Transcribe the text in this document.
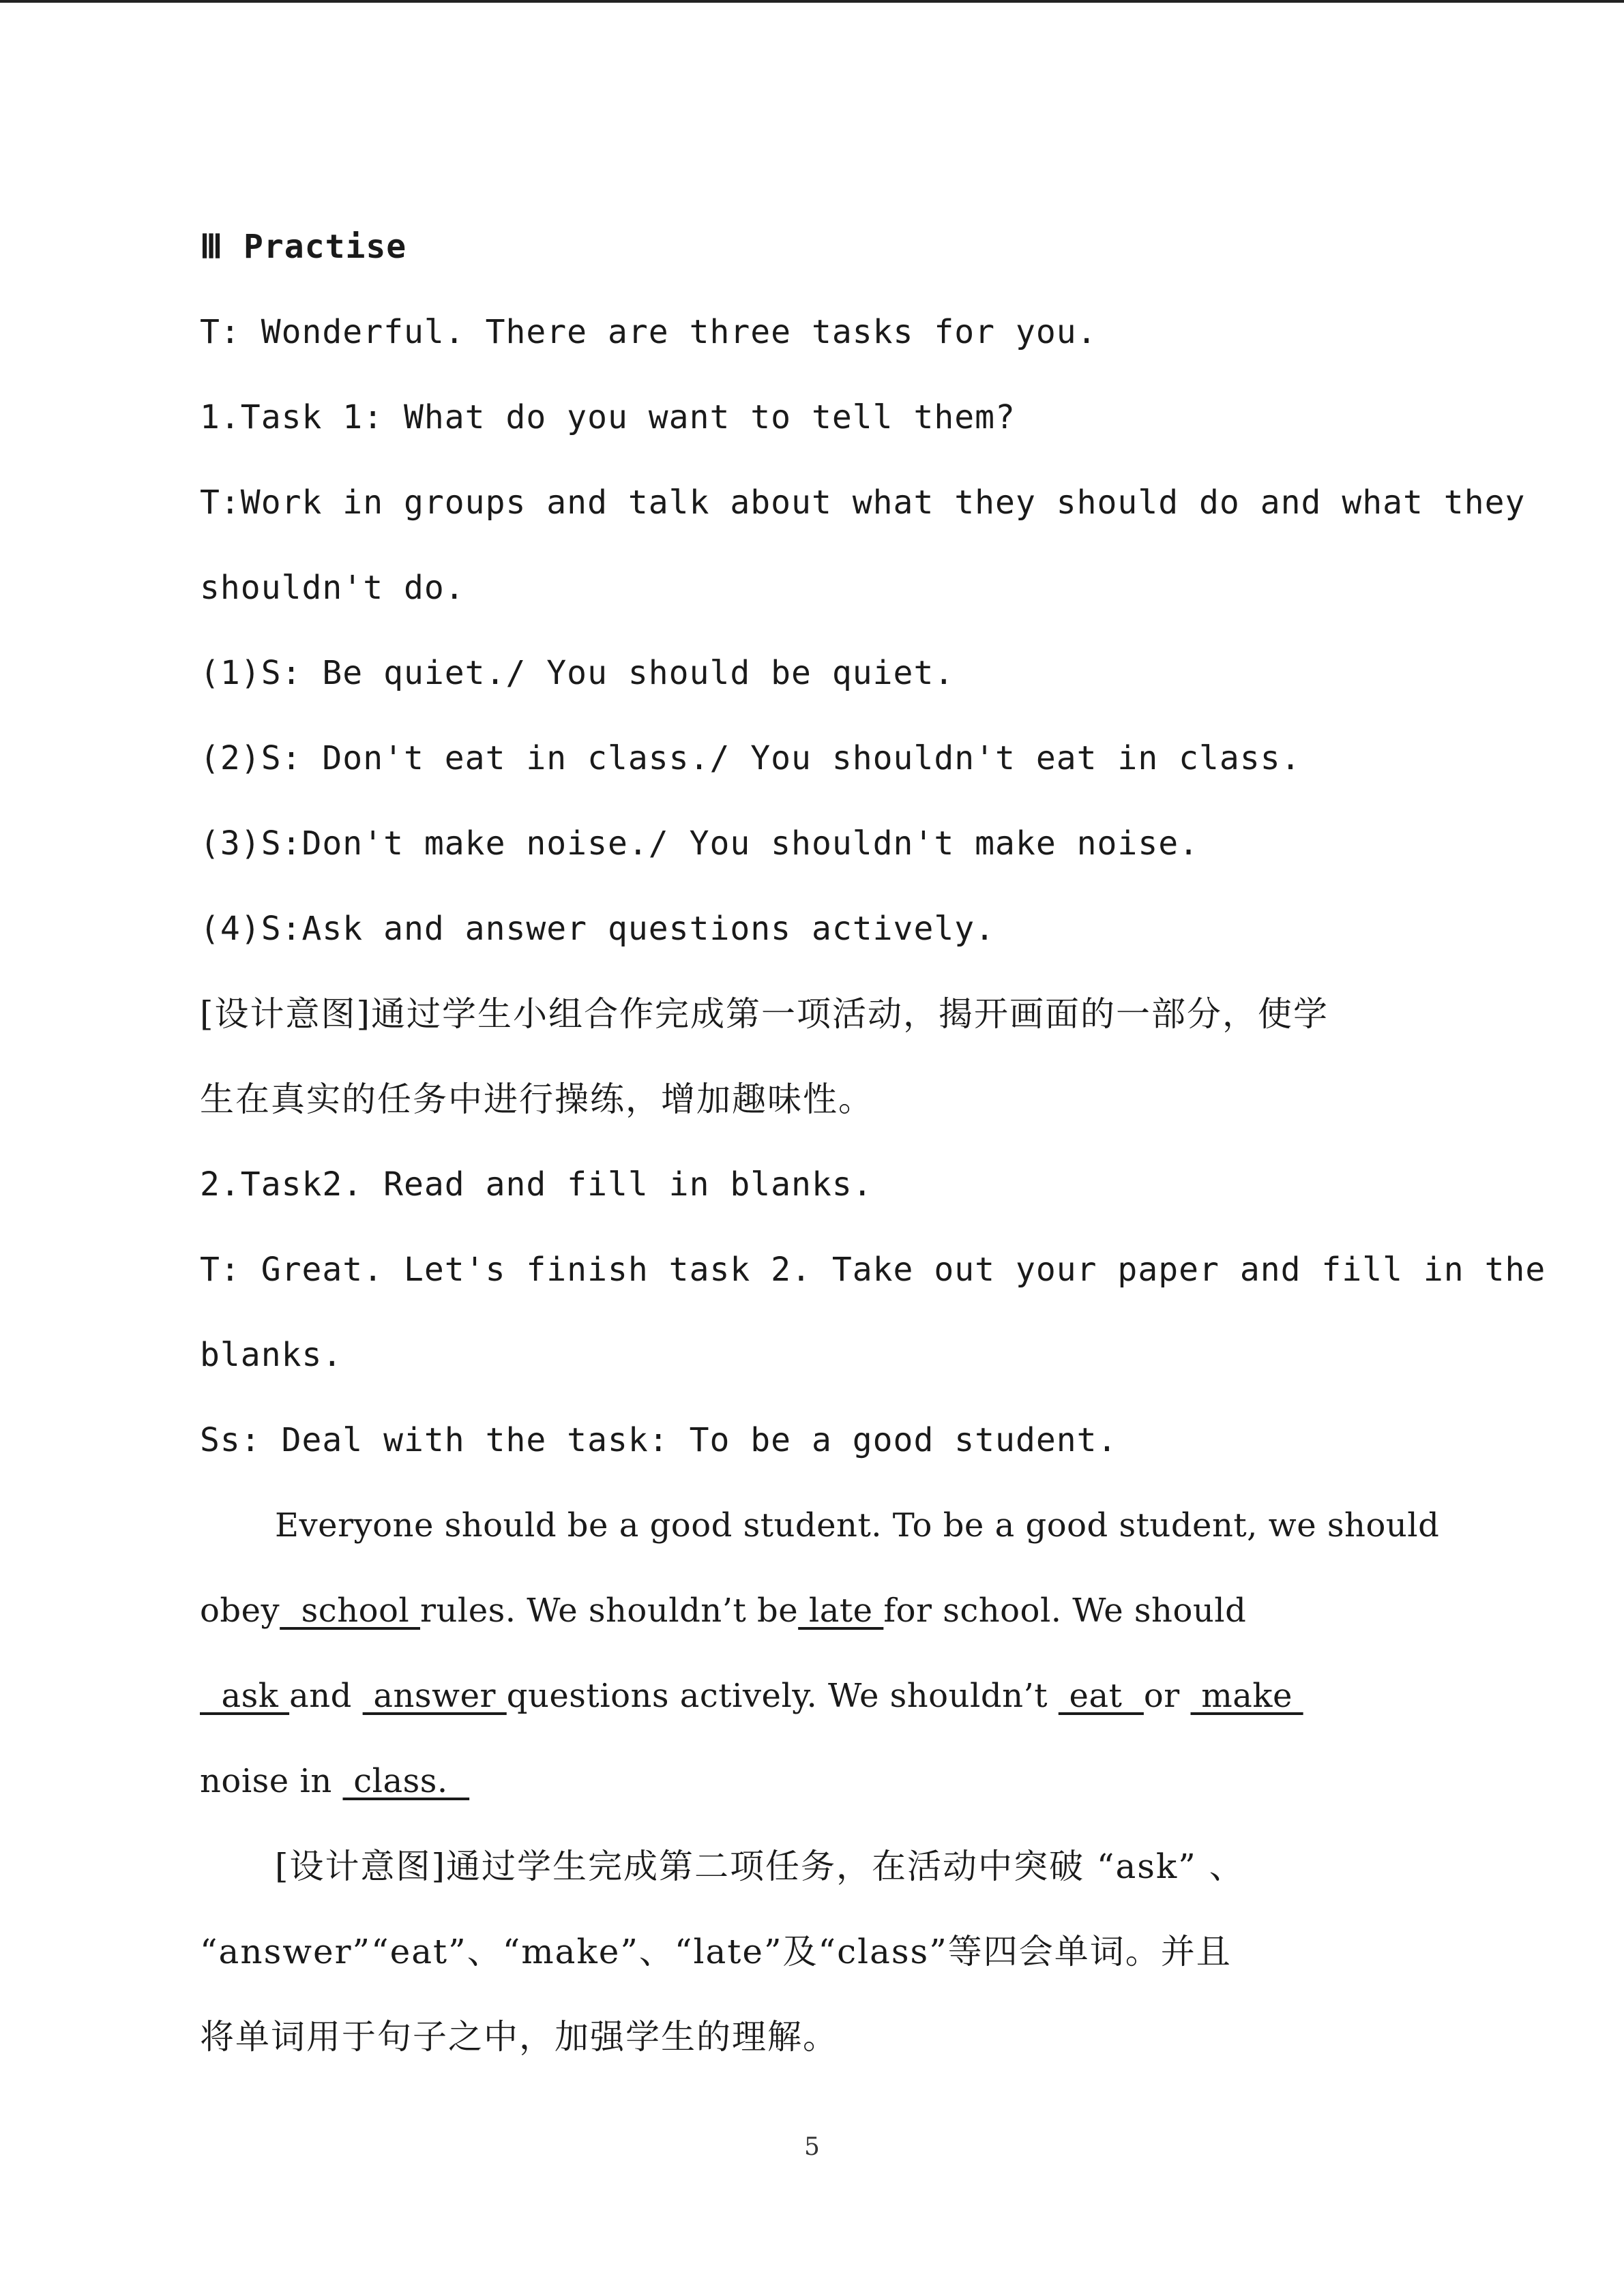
Ⅲ Practise
T: Wonderful. There are three tasks for you.
1.Task 1: What do you want to tell them?
T:Work in groups and talk about what they should do and what they
shouldn't do.
(1)S: Be quiet./ You should be quiet.
(2)S: Don't eat in class./ You shouldn't eat in class.
(3)S:Don't make noise./ You shouldn't make noise.
(4)S:Ask and answer questions actively.
[设计意图]通过学生小组合作完成第一项活动，揭开画面的一部分，使学
生在真实的任务中进行操练，增加趣味性。
2.Task2. Read and fill in blanks.
T: Great. Let's finish task 2. Take out your paper and fill in the
blanks.
Ss: Deal with the task: To be a good student.
Everyone should be a good student. To be a good student, we should
obey  school rules. We shouldn’t be late for school. We should
ask and  answer questions actively. We shouldn’t  eat  or  make
noise in  class.
[设计意图]通过学生完成第二项任务，在活动中突破 “ask” 、
“answer”“eat”、“make”、“late”及“class”等四会单词。并且
将单词用于句子之中，加强学生的理解。
5
